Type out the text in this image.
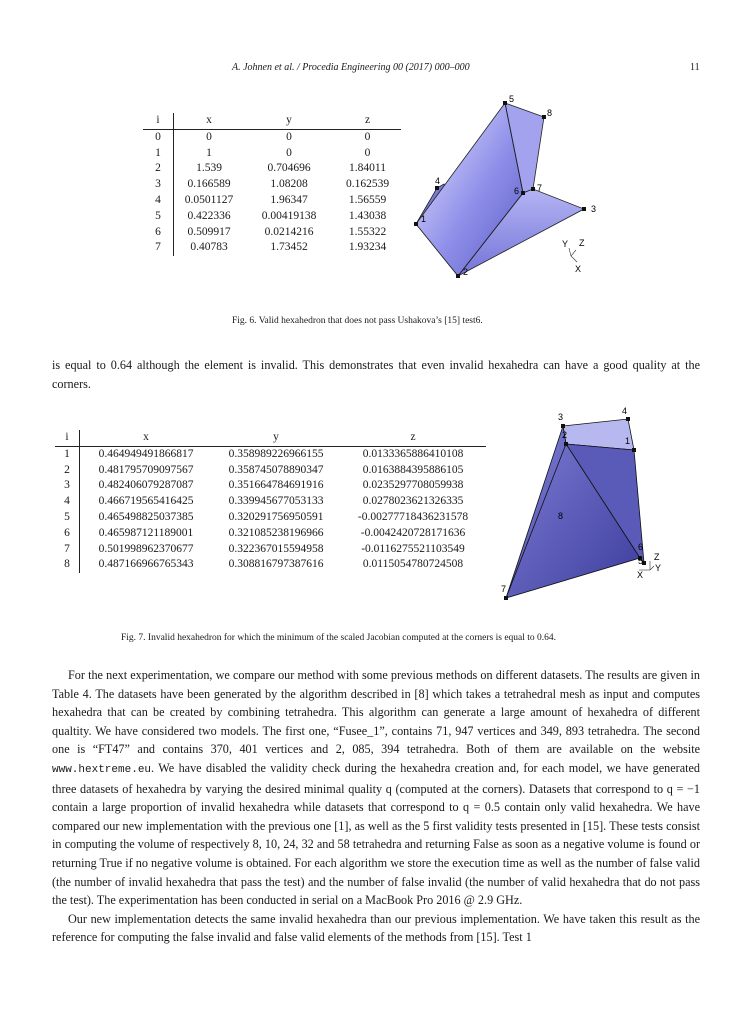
A. Johnen et al. / Procedia Engineering 00 (2017) 000–000	11
i	x	y	z
0	0	0	0
1	1	0	0
2	1.539	0.704696	1.84011
3	0.166589	1.08208	0.162539
4	0.0501127	1.96347	1.56559
5	0.422336	0.00419138	1.43038
6	0.509917	0.0214216	1.55322
7	0.40783	1.73452	1.93234
5
8
4
6 7
1
3
2
Y Z
X
Fig. 6. Valid hexahedron that does not pass Ushakova’s [15] test6.

is equal to 0.64 although the element is invalid. This demonstrates that even invalid hexahedra can have a good quality at the corners.

i	x	y	z
1	0.464949491866817	0.358989226966155	0.0133365886410108
2	0.481795709097567	0.358745078890347	0.0163884395886105
3	0.482406079287087	0.351664784691916	0.0235297708059938
4	0.466719565416425	0.339945677053133	0.0278023621326335
5	0.465498825037385	0.320291756950591	-0.00277718436231578
6	0.465987121189001	0.321085238196966	-0.0042420728171636
7	0.501998962370677	0.322367015594958	-0.0116275521103549
8	0.487166966765343	0.308816797387616	0.0115054780724508
3
4
2
1
8
6
5
7
Z
Y
X
Fig. 7. Invalid hexahedron for which the minimum of the scaled Jacobian computed at the corners is equal to 0.64.

For the next experimentation, we compare our method with some previous methods on different datasets. The results are given in Table 4. The datasets have been generated by the algorithm described in [8] which takes a tetrahedral mesh as input and computes hexahedra that can be created by combining tetrahedra. This algorithm can generate a large amount of hexahedra of different qualtity. We have considered two models. The first one, “Fusee_1”, contains 71, 947 vertices and 349, 893 tetrahedra. The second one is “FT47” and contains 370, 401 vertices and 2, 085, 394 tetrahedra. Both of them are available on the website www.hextreme.eu. We have disabled the validity check during the hexahedra creation and, for each model, we have generated three datasets of hexahedra by varying the desired minimal quality q (computed at the corners). Datasets that correspond to q = −1 contain a large proportion of invalid hexahedra while datasets that correspond to q = 0.5 contain only valid hexahedra. We have compared our new implementation with the previous one [1], as well as the 5 first validity tests presented in [15]. These tests consist in computing the volume of respectively 8, 10, 24, 32 and 58 tetrahedra and returning False as soon as a negative volume is found or returning True if no negative volume is obtained. For each algorithm we store the execution time as well as the number of false valid (the number of invalid hexahedra that pass the test) and the number of false invalid (the number of valid hexahedra that do not pass the test). The experimentation has been conducted in serial on a MacBook Pro 2016 @ 2.9 GHz.

Our new implementation detects the same invalid hexahedra than our previous implementation. We have taken this result as the reference for computing the false invalid and false valid elements of the methods from [15]. Test 1
